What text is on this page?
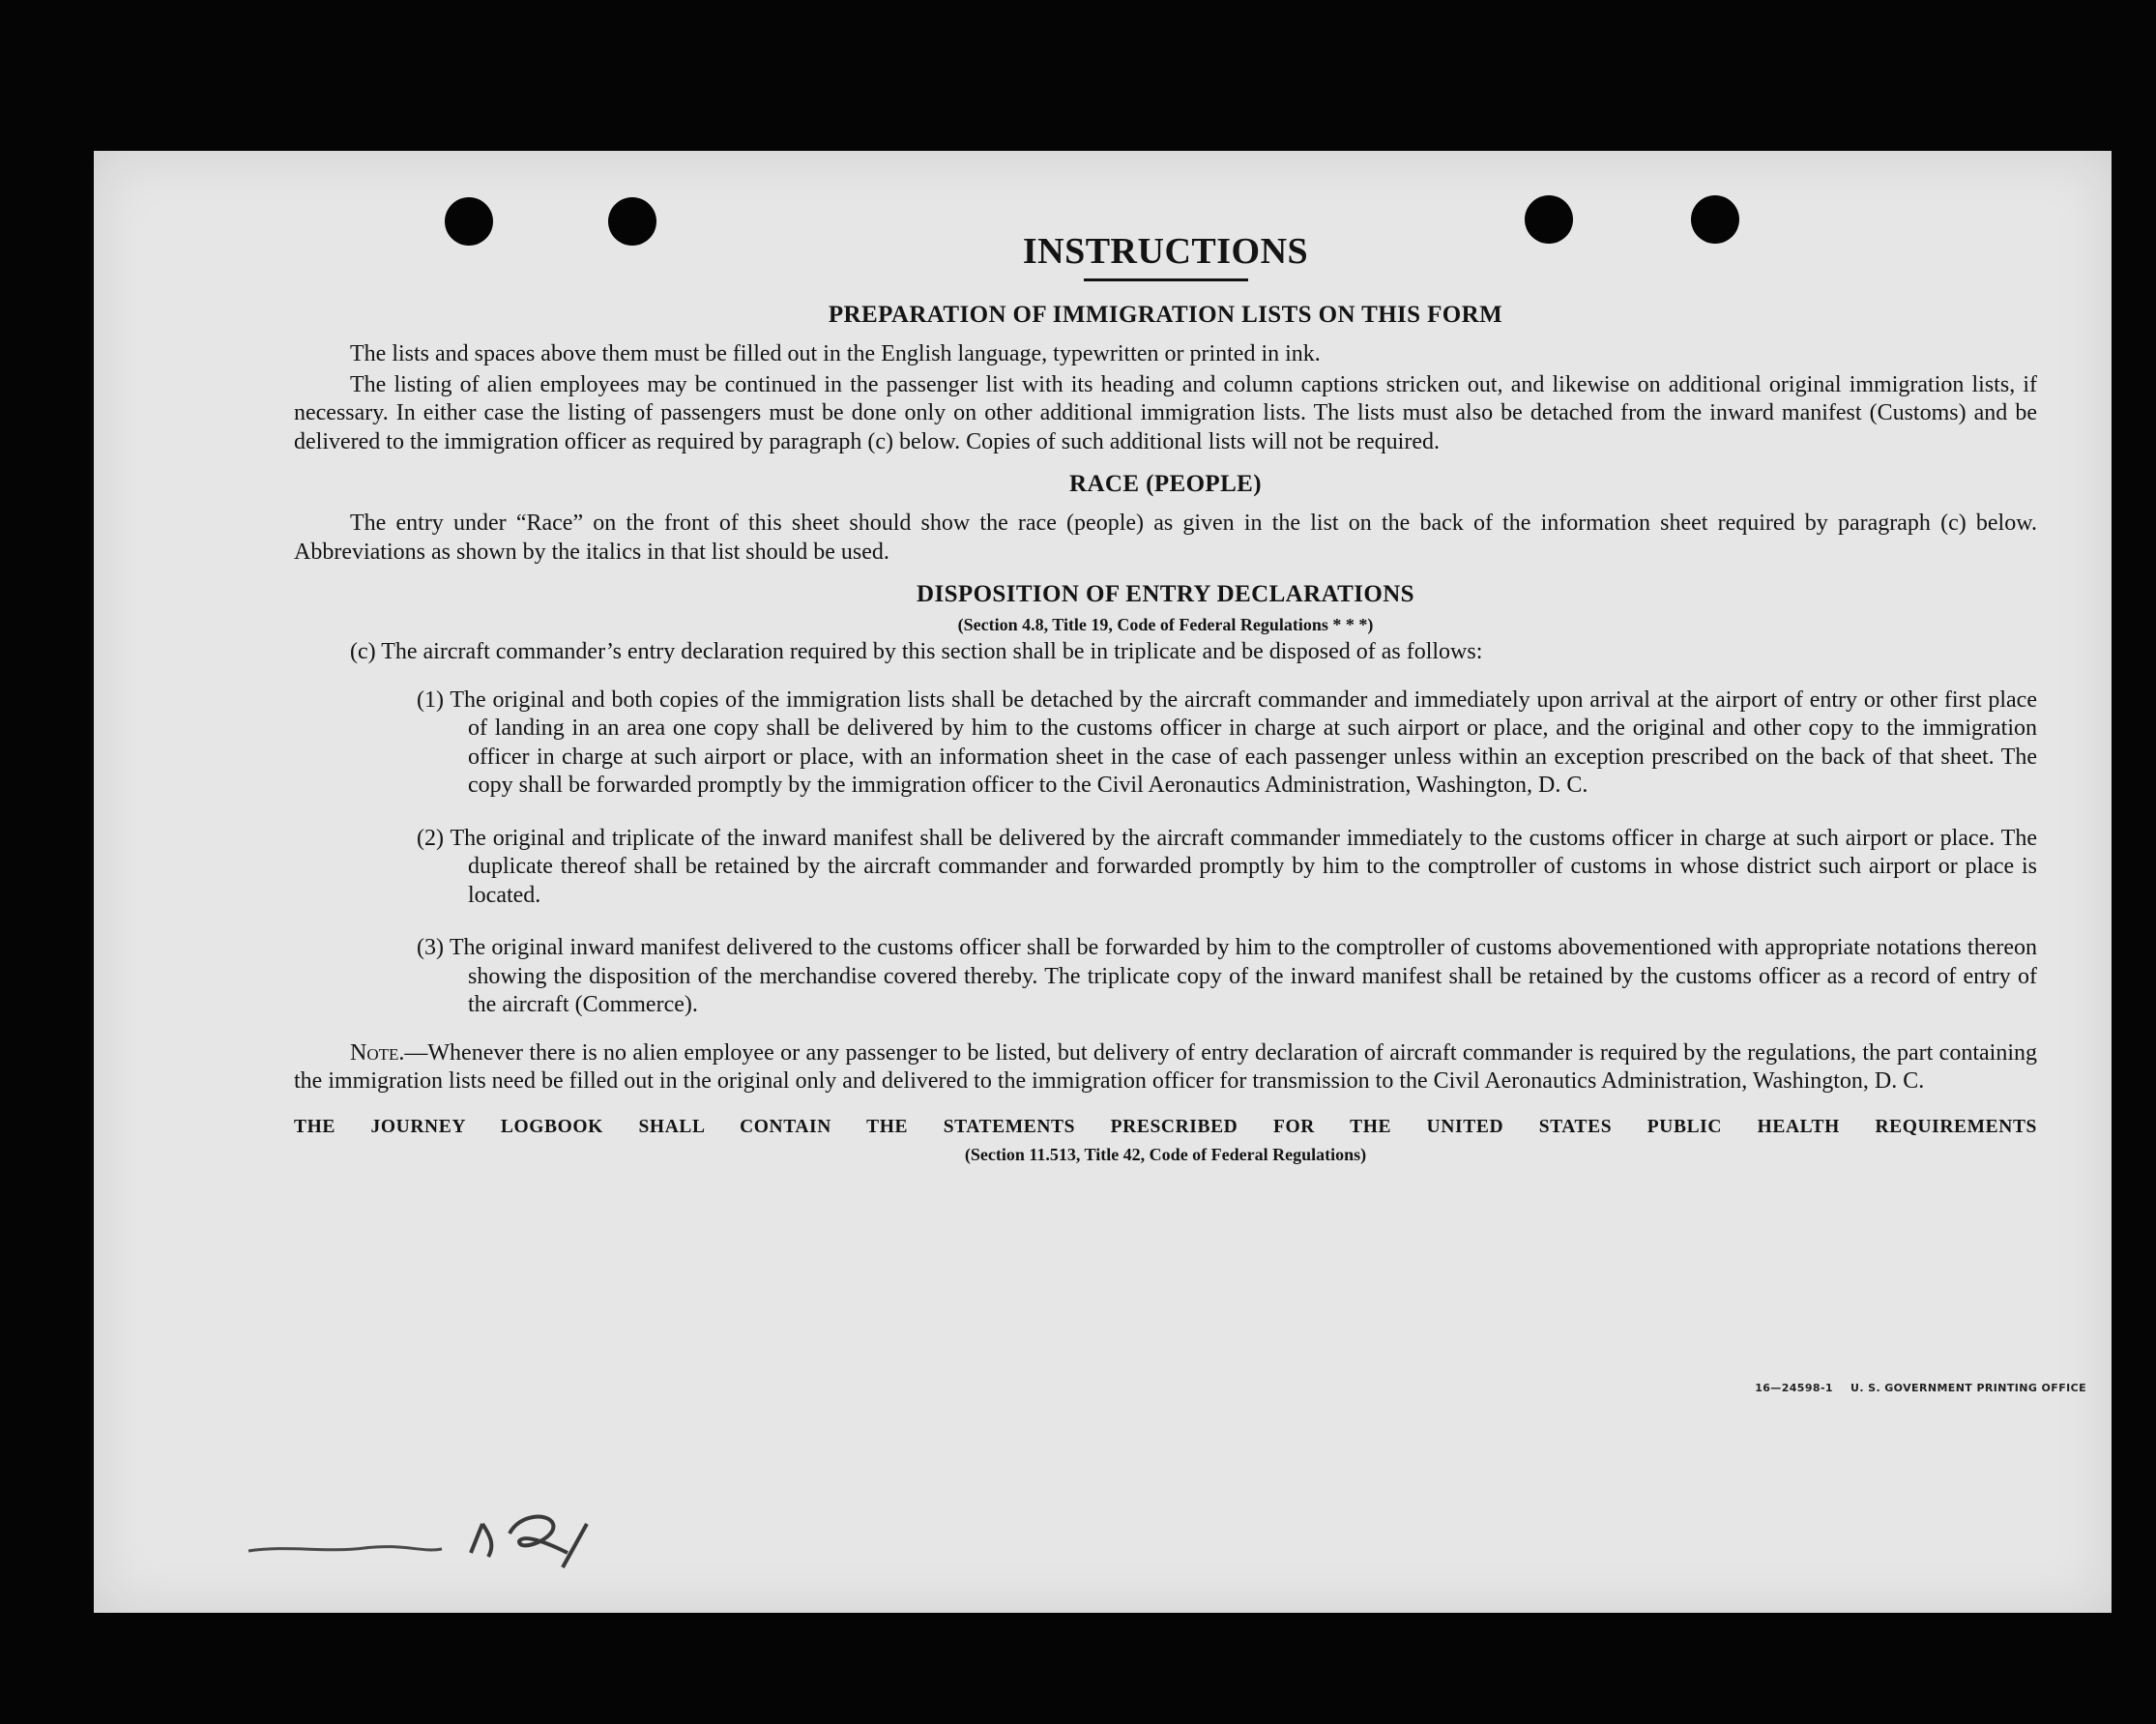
INSTRUCTIONS
PREPARATION OF IMMIGRATION LISTS ON THIS FORM

The lists and spaces above them must be filled out in the English language, typewritten or printed in ink.

The listing of alien employees may be continued in the passenger list with its heading and column captions stricken out, and likewise on additional original immigration lists, if necessary. In either case the listing of passengers must be done only on other additional immigration lists. The lists must also be detached from the inward manifest (Customs) and be delivered to the immigration officer as required by paragraph (c) below. Copies of such additional lists will not be required.

RACE (PEOPLE)

The entry under “Race” on the front of this sheet should show the race (people) as given in the list on the back of the information sheet required by paragraph (c) below. Abbreviations as shown by the italics in that list should be used.

DISPOSITION OF ENTRY DECLARATIONS
(Section 4.8, Title 19, Code of Federal Regulations * * *)
(c) The aircraft commander’s entry declaration required by this section shall be in triplicate and be disposed of as follows:
(1) The original and both copies of the immigration lists shall be detached by the aircraft commander and immediately upon arrival at the airport of entry or other first place of landing in an area one copy shall be delivered by him to the customs officer in charge at such airport or place, and the original and other copy to the immigration officer in charge at such airport or place, with an information sheet in the case of each passenger unless within an exception prescribed on the back of that sheet. The copy shall be forwarded promptly by the immigration officer to the Civil Aeronautics Administration, Washington, D. C.
(2) The original and triplicate of the inward manifest shall be delivered by the aircraft commander immediately to the customs officer in charge at such airport or place. The duplicate thereof shall be retained by the aircraft commander and forwarded promptly by him to the comptroller of customs in whose district such airport or place is located.
(3) The original inward manifest delivered to the customs officer shall be forwarded by him to the comptroller of customs abovementioned with appropriate notations thereon showing the disposition of the merchandise covered thereby. The triplicate copy of the inward manifest shall be retained by the customs officer as a record of entry of the aircraft (Commerce).

Note.—Whenever there is no alien employee or any passenger to be listed, but delivery of entry declaration of aircraft commander is required by the regulations, the part containing the immigration lists need be filled out in the original only and delivered to the immigration officer for transmission to the Civil Aeronautics Administration, Washington, D. C.

THE JOURNEY LOGBOOK SHALL CONTAIN THE STATEMENTS PRESCRIBED FOR THE UNITED STATES PUBLIC HEALTH REQUIREMENTS
(Section 11.513, Title 42, Code of Federal Regulations)
16—24598-1 U. S. GOVERNMENT PRINTING OFFICE
